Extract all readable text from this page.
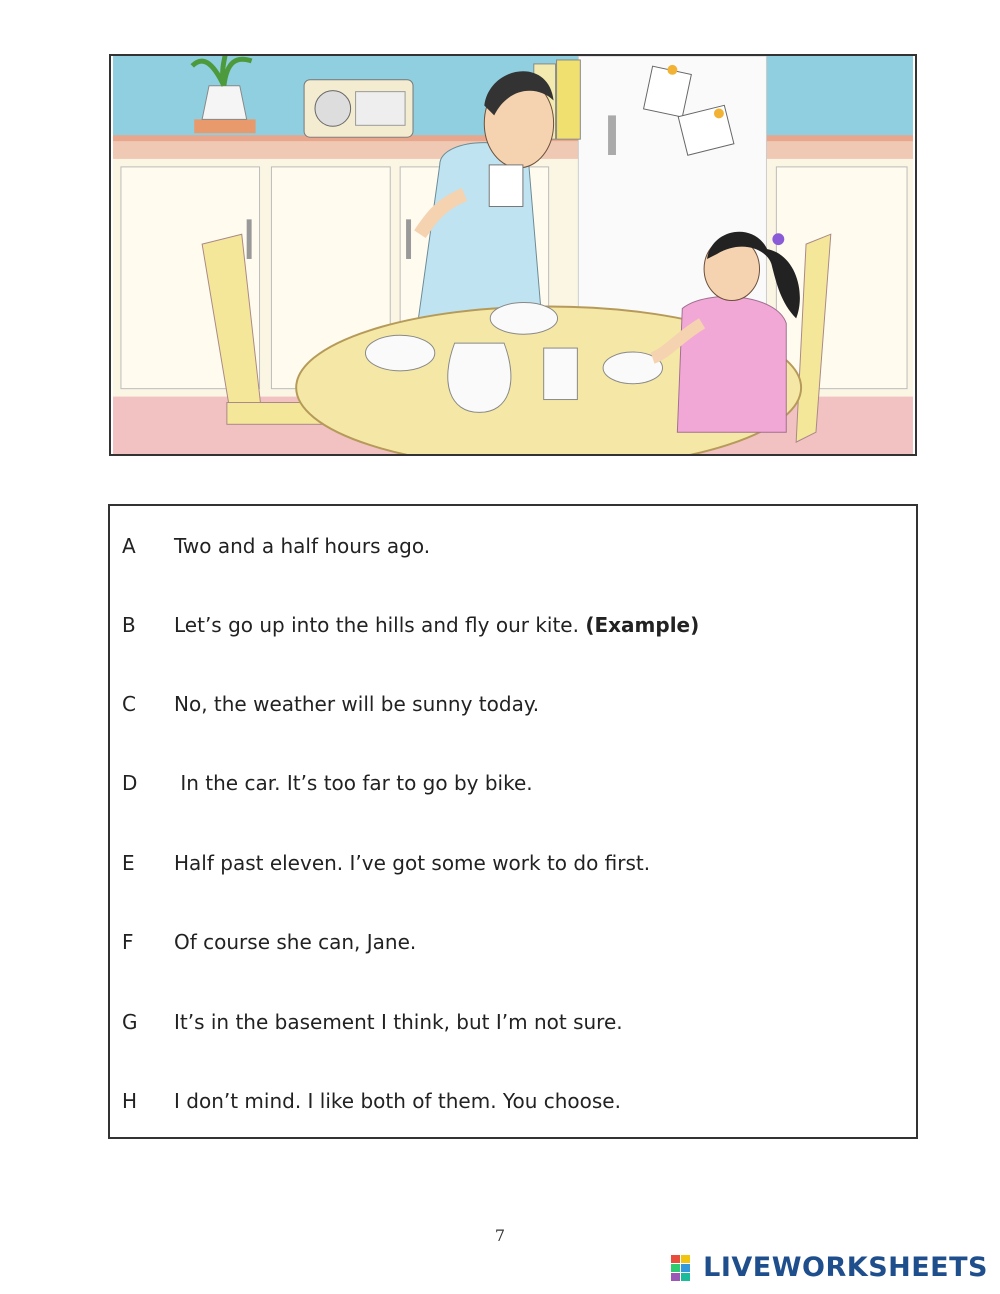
A	Two and a half hours ago.
B	Let’s go up into the hills and fly our kite. (Example)
C	No, the weather will be sunny today.
D	In the car. It’s too far to go by bike.
E	Half past eleven. I’ve got some work to do first.
F	Of course she can, Jane.
G	It’s in the basement I think, but I’m not sure.
H	I don’t mind. I like both of them. You choose.
7
LIVEWORKSHEETS
